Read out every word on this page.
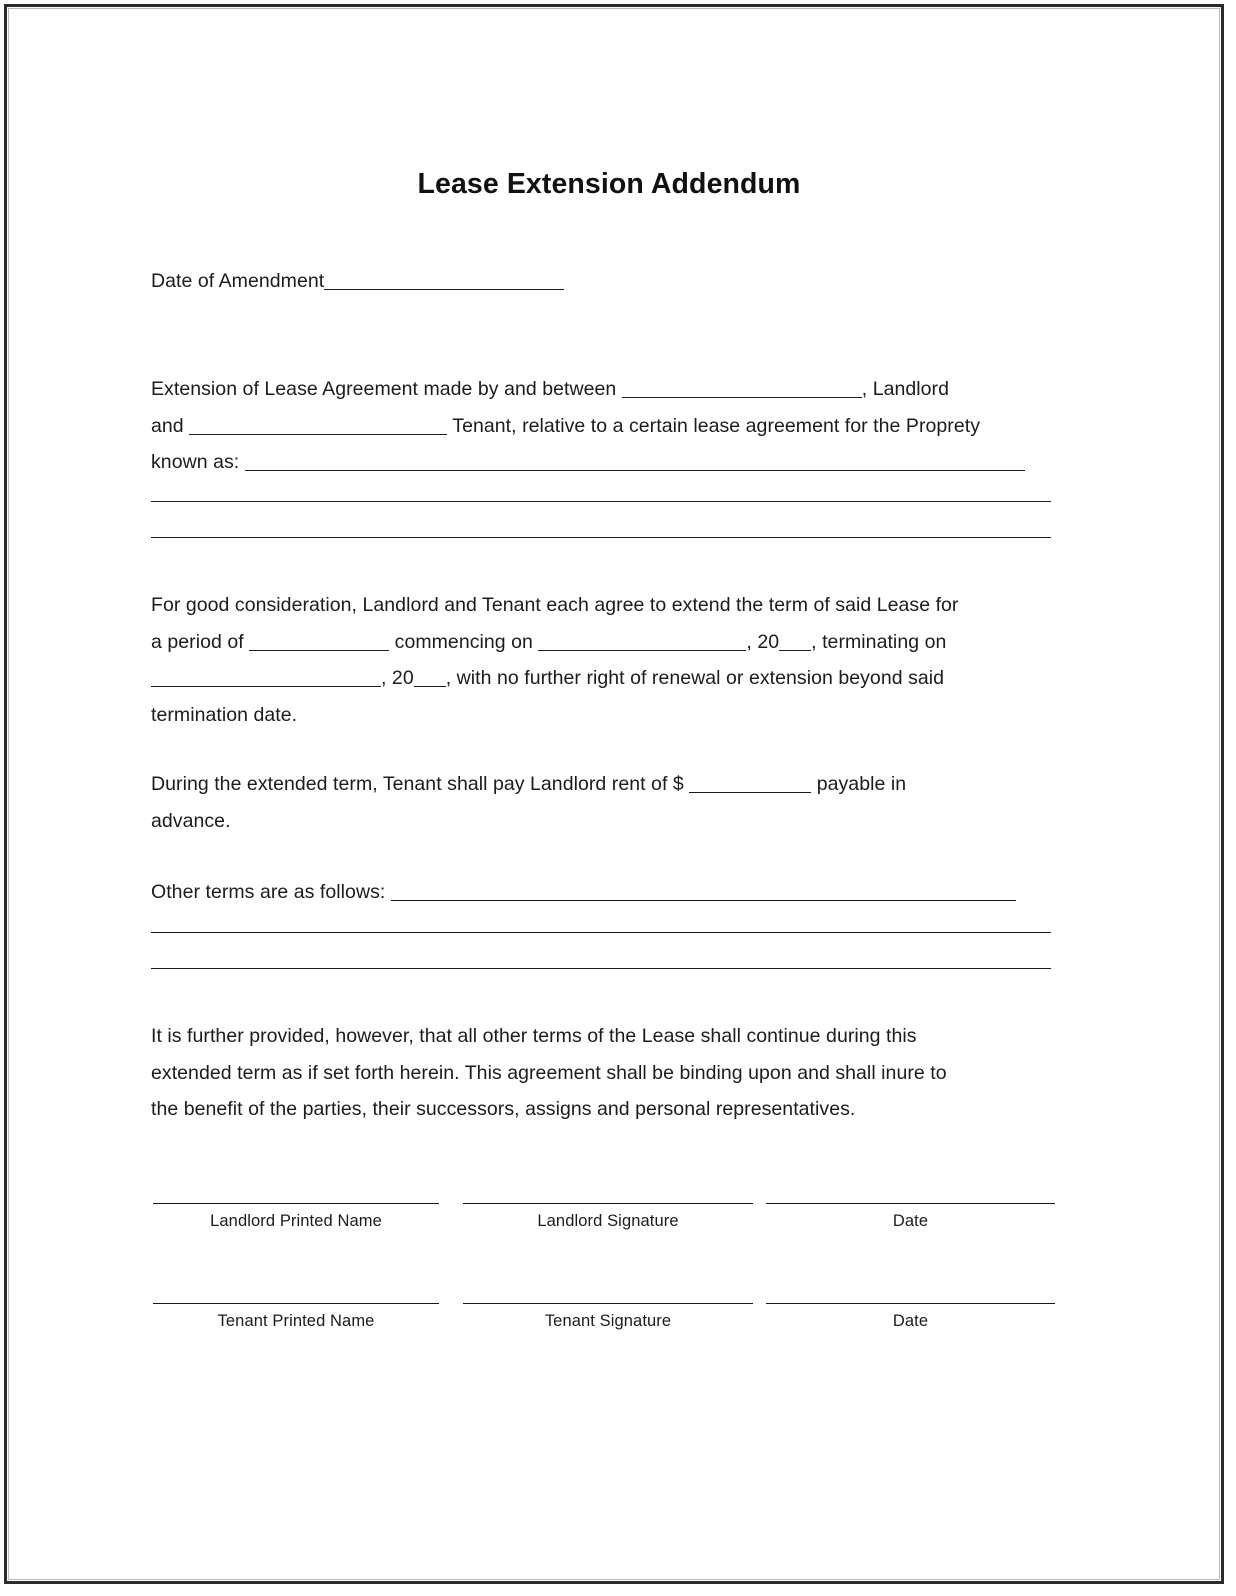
Lease Extension Addendum
Date of Amendment
Extension of Lease Agreement made by and between	, Landlord
and	Tenant, relative to a certain lease agreement for the Proprety
known as:
For good consideration, Landlord and Tenant each agree to extend the term of said Lease for
a period of	commencing on	, 20 , terminating on
, 20 , with no further right of renewal or extension beyond said
termination date.
During the extended term, Tenant shall pay Landlord rent of $	payable in
advance.
Other terms are as follows:
It is further provided, however, that all other terms of the Lease shall continue during this
extended term as if set forth herein. This agreement shall be binding upon and shall inure to
the benefit of the parties, their successors, assigns and personal representatives.
Landlord Printed Name	Landlord Signature	Date
Tenant Printed Name	Tenant Signature	Date
